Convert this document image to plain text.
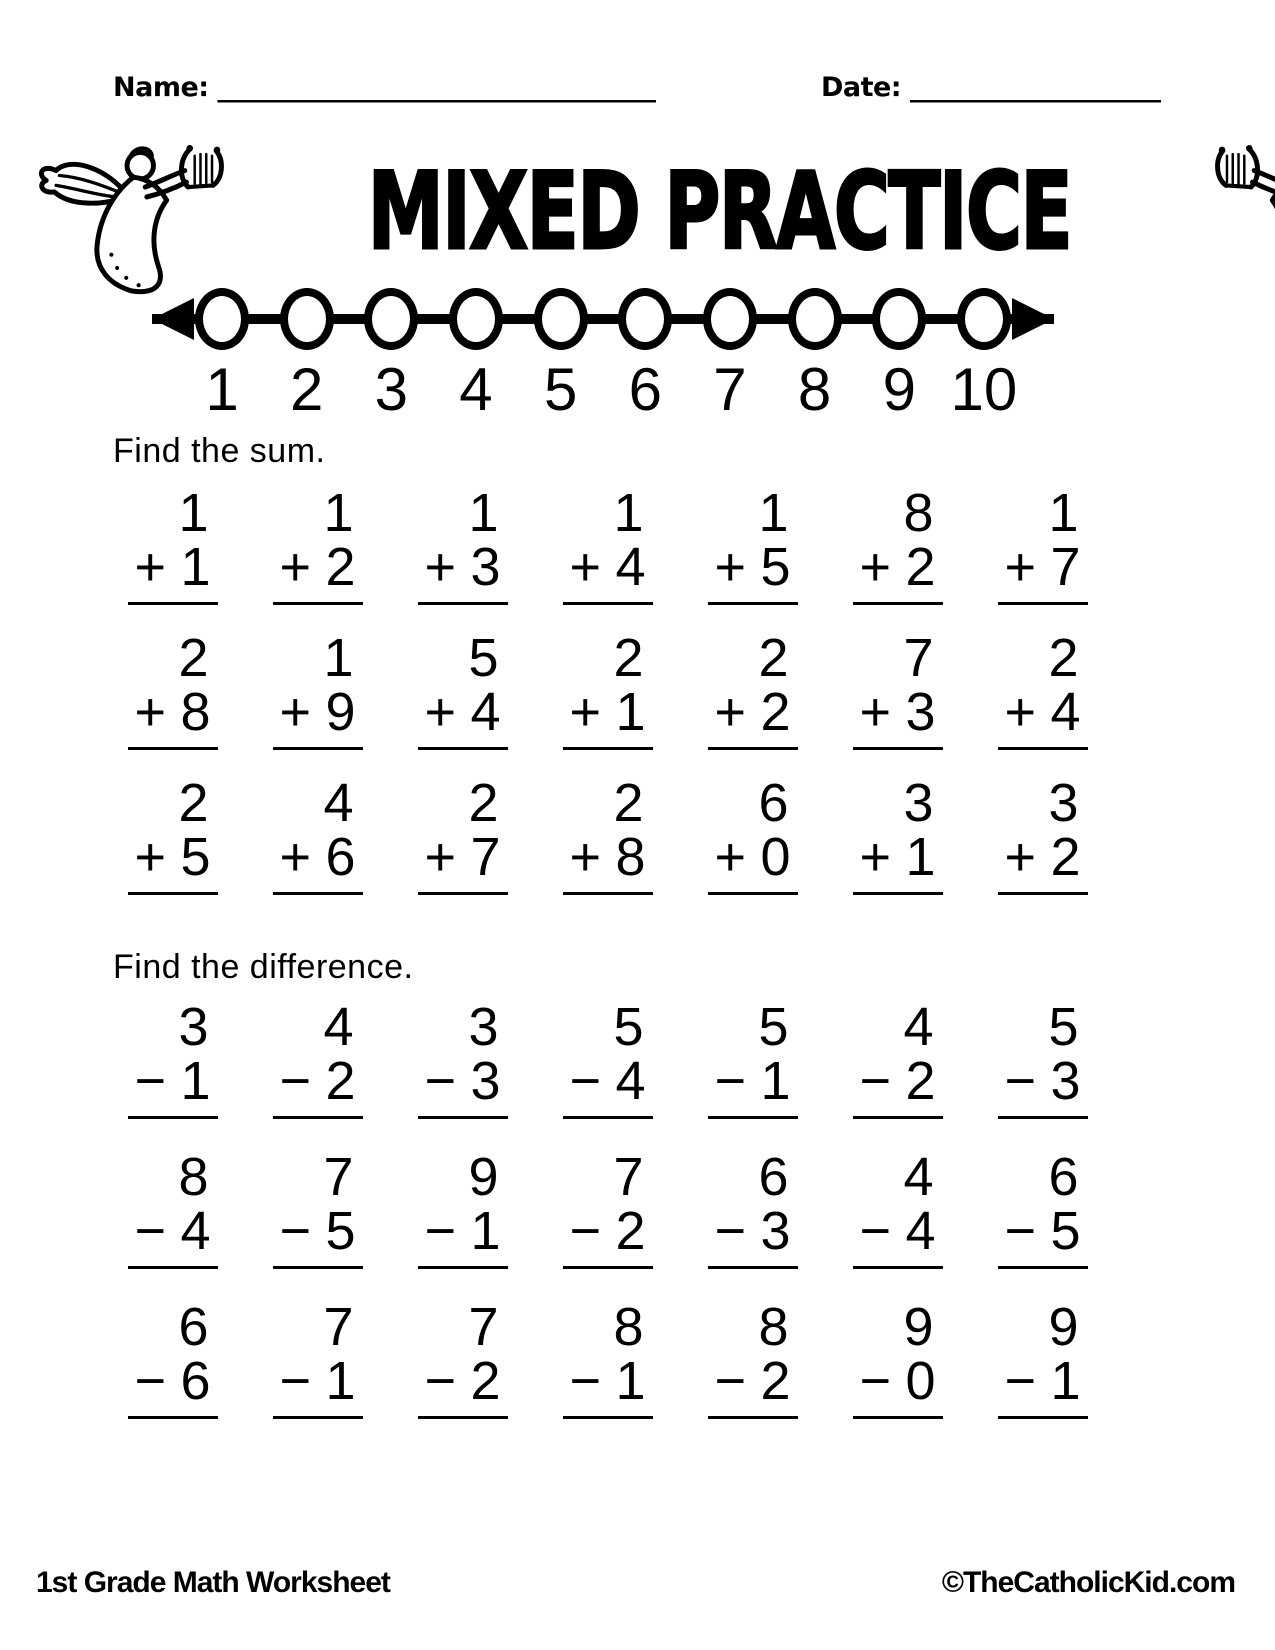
Name: ___________________________________	Date: ____________________
MIXED PRACTICE
1 2 3 4 5 6 7 8 9 10
Find the sum.
1
+ 1
1
+ 2
1
+ 3
1
+ 4
1
+ 5
8
+ 2
1
+ 7
2
+ 8
1
+ 9
5
+ 4
2
+ 1
2
+ 2
7
+ 3
2
+ 4
2
+ 5
4
+ 6
2
+ 7
2
+ 8
6
+ 0
3
+ 1
3
+ 2
Find the difference.
3
− 1
4
− 2
3
− 3
5
− 4
5
− 1
4
− 2
5
− 3
8
− 4
7
− 5
9
− 1
7
− 2
6
− 3
4
− 4
6
− 5
6
− 6
7
− 1
7
− 2
8
− 1
8
− 2
9
− 0
9
− 1
1st Grade Math Worksheet	©TheCatholicKid.com
